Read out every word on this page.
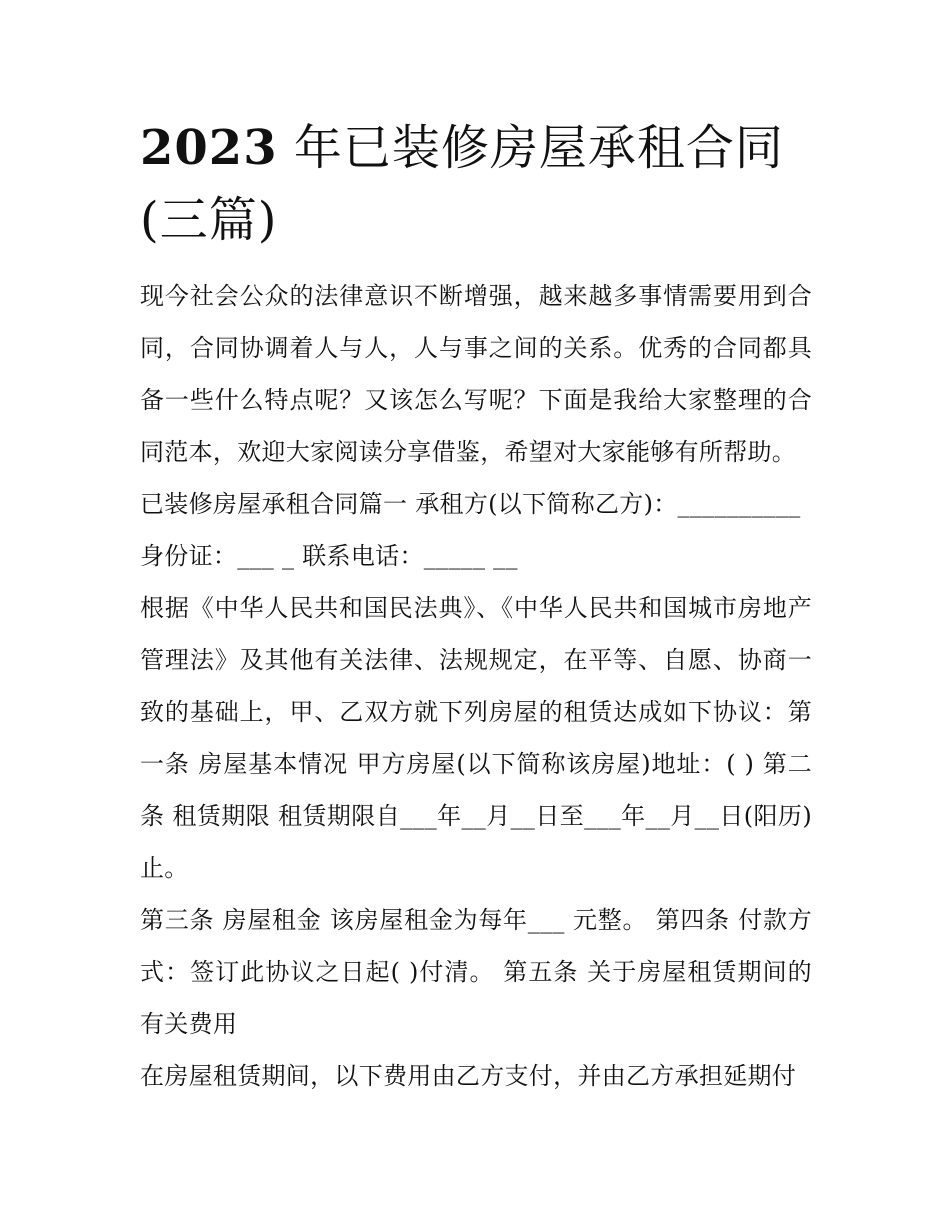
2023 年已装修房屋承租合同
(三篇)

现今社会公众的法律意识不断增强，越来越多事情需要用到合同，合同协调着人与人，人与事之间的关系。优秀的合同都具备一些什么特点呢？又该怎么写呢？下面是我给大家整理的合同范本，欢迎大家阅读分享借鉴，希望对大家能够有所帮助。

已装修房屋承租合同篇一 承租方(以下简称乙方)：__________

身份证：___ _ 联系电话：_____ __

根据《中华人民共和国民法典》、《中华人民共和国城市房地产管理法》及其他有关法律、法规规定，在平等、自愿、协商一致的基础上，甲、乙双方就下列房屋的租赁达成如下协议：第一条 房屋基本情况 甲方房屋(以下简称该房屋)地址：( ) 第二条 租赁期限 租赁期限自___年__月__日至___年__月__日(阳历)止。

第三条 房屋租金 该房屋租金为每年___ 元整。 第四条 付款方式：签订此协议之日起( )付清。 第五条 关于房屋租赁期间的有关费用

在房屋租赁期间，以下费用由乙方支付，并由乙方承担延期付
